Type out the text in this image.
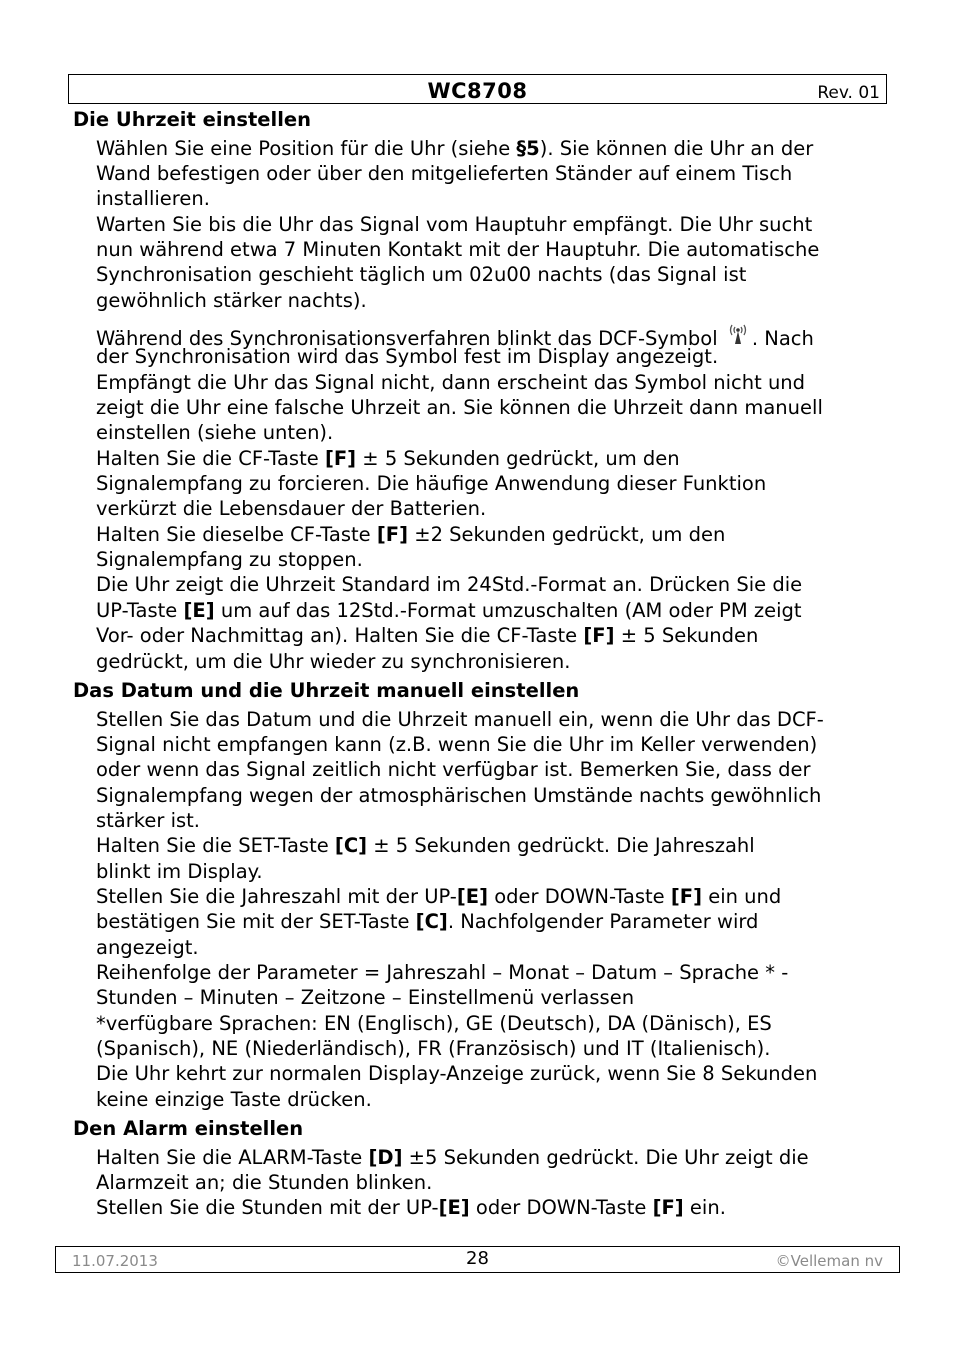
WC8708	Rev. 01
Die Uhrzeit einstellen
Wählen Sie eine Position für die Uhr (siehe §5). Sie können die Uhr an der
Wand befestigen oder über den mitgelieferten Ständer auf einem Tisch
installieren.
Warten Sie bis die Uhr das Signal vom Hauptuhr empfängt. Die Uhr sucht
nun während etwa 7 Minuten Kontakt mit der Hauptuhr. Die automatische
Synchronisation geschieht täglich um 02u00 nachts (das Signal ist
gewöhnlich stärker nachts).
Während des Synchronisationsverfahren blinkt das DCF-Symbol . Nach
der Synchronisation wird das Symbol fest im Display angezeigt.
Empfängt die Uhr das Signal nicht, dann erscheint das Symbol nicht und
zeigt die Uhr eine falsche Uhrzeit an. Sie können die Uhrzeit dann manuell
einstellen (siehe unten).
Halten Sie die CF-Taste [F] ± 5 Sekunden gedrückt, um den
Signalempfang zu forcieren. Die häufige Anwendung dieser Funktion
verkürzt die Lebensdauer der Batterien.
Halten Sie dieselbe CF-Taste [F] ±2 Sekunden gedrückt, um den
Signalempfang zu stoppen.
Die Uhr zeigt die Uhrzeit Standard im 24Std.-Format an. Drücken Sie die
UP-Taste [E] um auf das 12Std.-Format umzuschalten (AM oder PM zeigt
Vor- oder Nachmittag an). Halten Sie die CF-Taste [F] ± 5 Sekunden
gedrückt, um die Uhr wieder zu synchronisieren.
Das Datum und die Uhrzeit manuell einstellen
Stellen Sie das Datum und die Uhrzeit manuell ein, wenn die Uhr das DCF-
Signal nicht empfangen kann (z.B. wenn Sie die Uhr im Keller verwenden)
oder wenn das Signal zeitlich nicht verfügbar ist. Bemerken Sie, dass der
Signalempfang wegen der atmosphärischen Umstände nachts gewöhnlich
stärker ist.
Halten Sie die SET-Taste [C] ± 5 Sekunden gedrückt. Die Jahreszahl
blinkt im Display.
Stellen Sie die Jahreszahl mit der UP-[E] oder DOWN-Taste [F] ein und
bestätigen Sie mit der SET-Taste [C]. Nachfolgender Parameter wird
angezeigt.
Reihenfolge der Parameter = Jahreszahl – Monat – Datum – Sprache * -
Stunden – Minuten – Zeitzone – Einstellmenü verlassen
*verfügbare Sprachen: EN (Englisch), GE (Deutsch), DA (Dänisch), ES
(Spanisch), NE (Niederländisch), FR (Französisch) und IT (Italienisch).
Die Uhr kehrt zur normalen Display-Anzeige zurück, wenn Sie 8 Sekunden
keine einzige Taste drücken.
Den Alarm einstellen
Halten Sie die ALARM-Taste [D] ±5 Sekunden gedrückt. Die Uhr zeigt die
Alarmzeit an; die Stunden blinken.
Stellen Sie die Stunden mit der UP-[E] oder DOWN-Taste [F] ein.
11.07.2013	28	©Velleman nv
